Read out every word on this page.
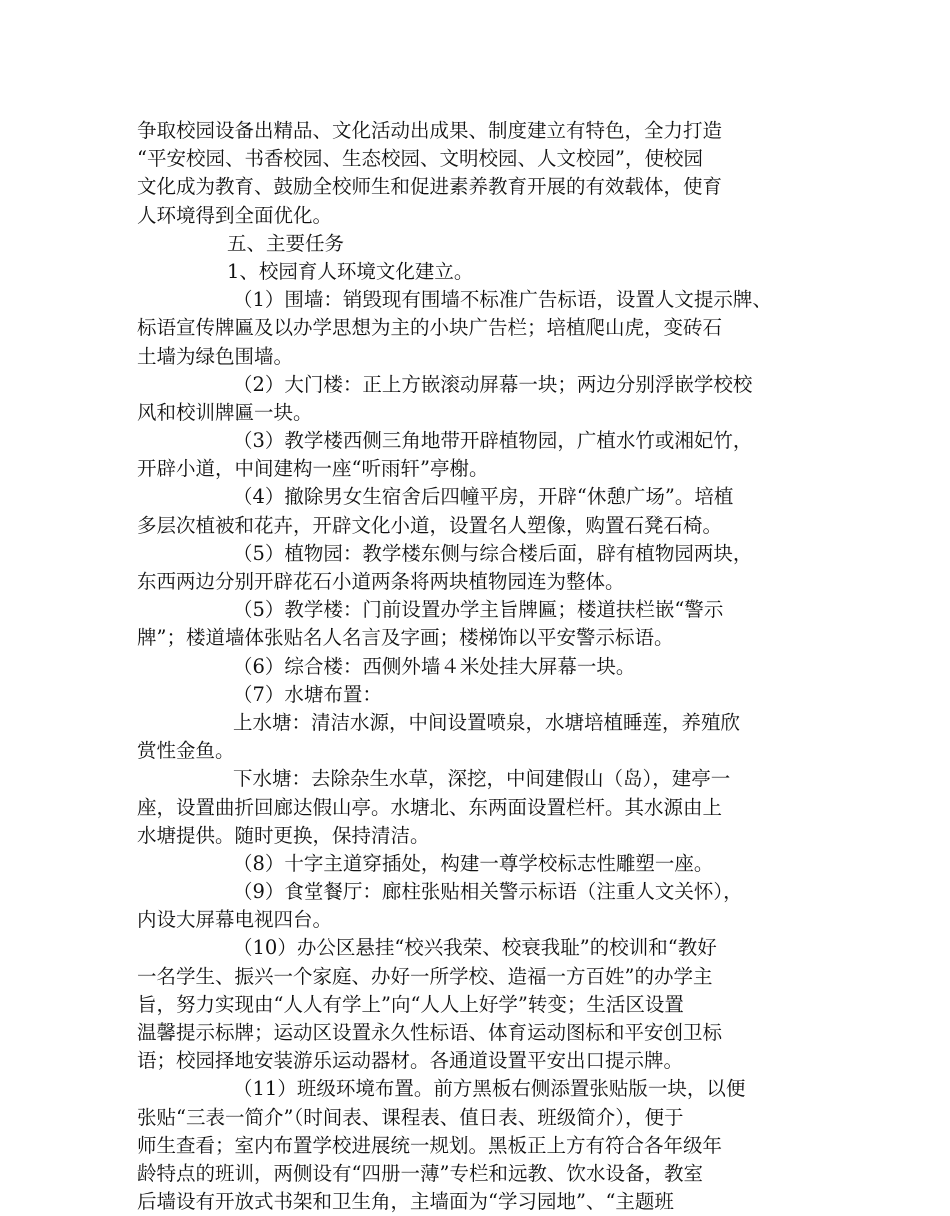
争取校园设备出精品、文化活动出成果、制度建立有特色，全力打造
“平安校园、书香校园、生态校园、文明校园、人文校园”，使校园
文化成为教育、鼓励全校师生和促进素养教育开展的有效载体，使育
人环境得到全面优化。
五、主要任务
1、校园育人环境文化建立。
（1）围墙：销毁现有围墙不标准广告标语，设置人文提示牌、
标语宣传牌匾及以办学思想为主的小块广告栏；培植爬山虎，变砖石
土墙为绿色围墙。
（2）大门楼：正上方嵌滚动屏幕一块；两边分别浮嵌学校校
风和校训牌匾一块。
（3）教学楼西侧三角地带开辟植物园，广植水竹或湘妃竹，
开辟小道，中间建构一座“听雨轩”亭榭。
（4）撤除男女生宿舍后四幢平房，开辟“休憩广场”。培植
多层次植被和花卉，开辟文化小道，设置名人塑像，购置石凳石椅。
（5）植物园：教学楼东侧与综合楼后面，辟有植物园两块，
东西两边分别开辟花石小道两条将两块植物园连为整体。
（5）教学楼：门前设置办学主旨牌匾；楼道扶栏嵌“警示
牌”；楼道墙体张贴名人名言及字画；楼梯饰以平安警示标语。
（6）综合楼：西侧外墙４米处挂大屏幕一块。
（7）水塘布置：
上水塘：清洁水源，中间设置喷泉，水塘培植睡莲，养殖欣
赏性金鱼。
下水塘：去除杂生水草，深挖，中间建假山（岛），建亭一
座，设置曲折回廊达假山亭。水塘北、东两面设置栏杆。其水源由上
水塘提供。随时更换，保持清洁。
（8）十字主道穿插处，构建一尊学校标志性雕塑一座。
（9）食堂餐厅：廊柱张贴相关警示标语（注重人文关怀），
内设大屏幕电视四台。
（10）办公区悬挂“校兴我荣、校衰我耻”的校训和“教好
一名学生、振兴一个家庭、办好一所学校、造福一方百姓”的办学主
旨，努力实现由“人人有学上”向“人人上好学”转变；生活区设置
温馨提示标牌；运动区设置永久性标语、体育运动图标和平安创卫标
语；校园择地安装游乐运动器材。各通道设置平安出口提示牌。
（11）班级环境布置。前方黑板右侧添置张贴版一块，以便
张贴“三表一简介”（时间表、课程表、值日表、班级简介），便于
师生查看；室内布置学校进展统一规划。黑板正上方有符合各年级年
龄特点的班训，两侧设有“四册一薄”专栏和远教、饮水设备，教室
后墙设有开放式书架和卫生角，主墙面为“学习园地”、“主题班
